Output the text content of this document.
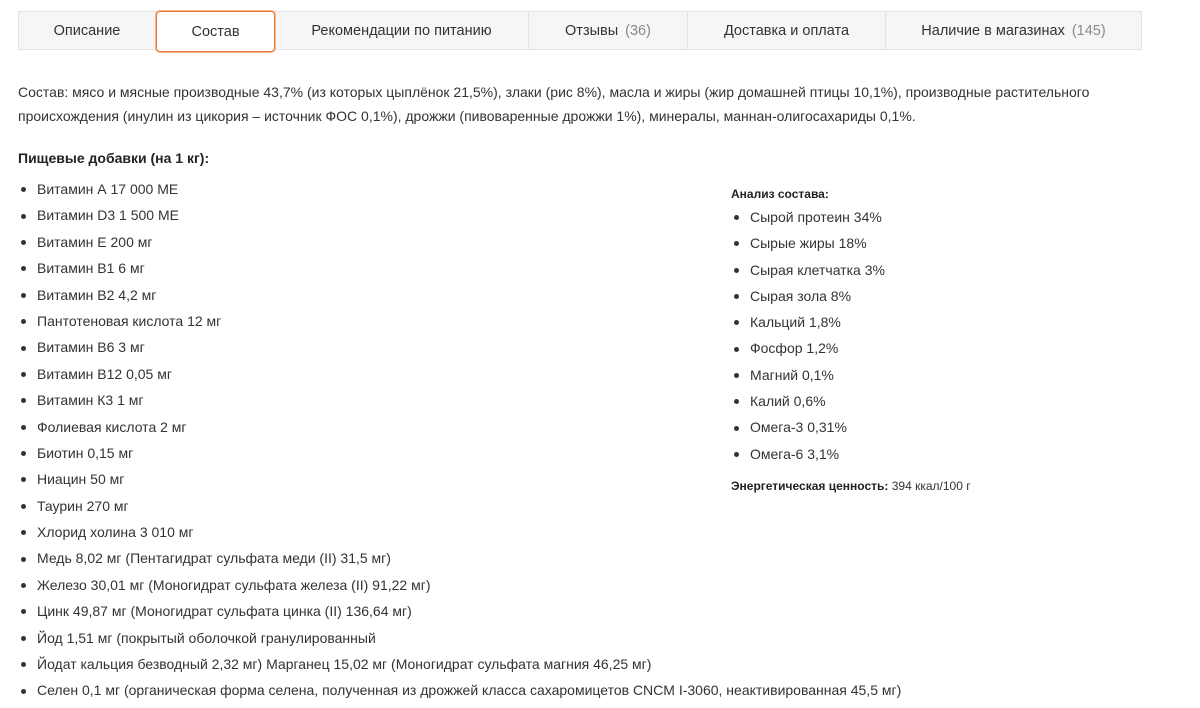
Описание	Состав	Рекомендации по питанию	Отзывы (36)	Доставка и оплата	Наличие в магазинах (145)

Состав: мясо и мясные производные 43,7% (из которых цыплёнок 21,5%), злаки (рис 8%), масла и жиры (жир домашней птицы 10,1%), производные растительного происхождения (инулин из цикория – источник ФОС 0,1%), дрожжи (пивоваренные дрожжи 1%), минералы, маннан-олигосахариды 0,1%.

Пищевые добавки (на 1 кг):

Витамин А 17 000 МЕ
Витамин D3 1 500 МЕ
Витамин Е 200 мг
Витамин В1 6 мг
Витамин В2 4,2 мг
Пантотеновая кислота 12 мг
Витамин В6 3 мг
Витамин В12 0,05 мг
Витамин К3 1 мг
Фолиевая кислота 2 мг
Биотин 0,15 мг
Ниацин 50 мг
Таурин 270 мг
Хлорид холина 3 010 мг
Медь 8,02 мг (Пентагидрат сульфата меди (II) 31,5 мг)
Железо 30,01 мг (Моногидрат сульфата железа (II) 91,22 мг)
Цинк 49,87 мг (Моногидрат сульфата цинка (II) 136,64 мг)
Йод 1,51 мг (покрытый оболочкой гранулированный
Йодат кальция безводный 2,32 мг) Марганец 15,02 мг (Моногидрат сульфата магния 46,25 мг)
Селен 0,1 мг (органическая форма селена, полученная из дрожжей класса сахаромицетов CNCM I-3060, неактивированная 45,5 мг)

Анализ состава:

Сырой протеин 34%
Сырые жиры 18%
Сырая клетчатка 3%
Сырая зола 8%
Кальций 1,8%
Фосфор 1,2%
Магний 0,1%
Калий 0,6%
Омега-3 0,31%
Омега-6 3,1%
Энергетическая ценность: 394 ккал/100 г
